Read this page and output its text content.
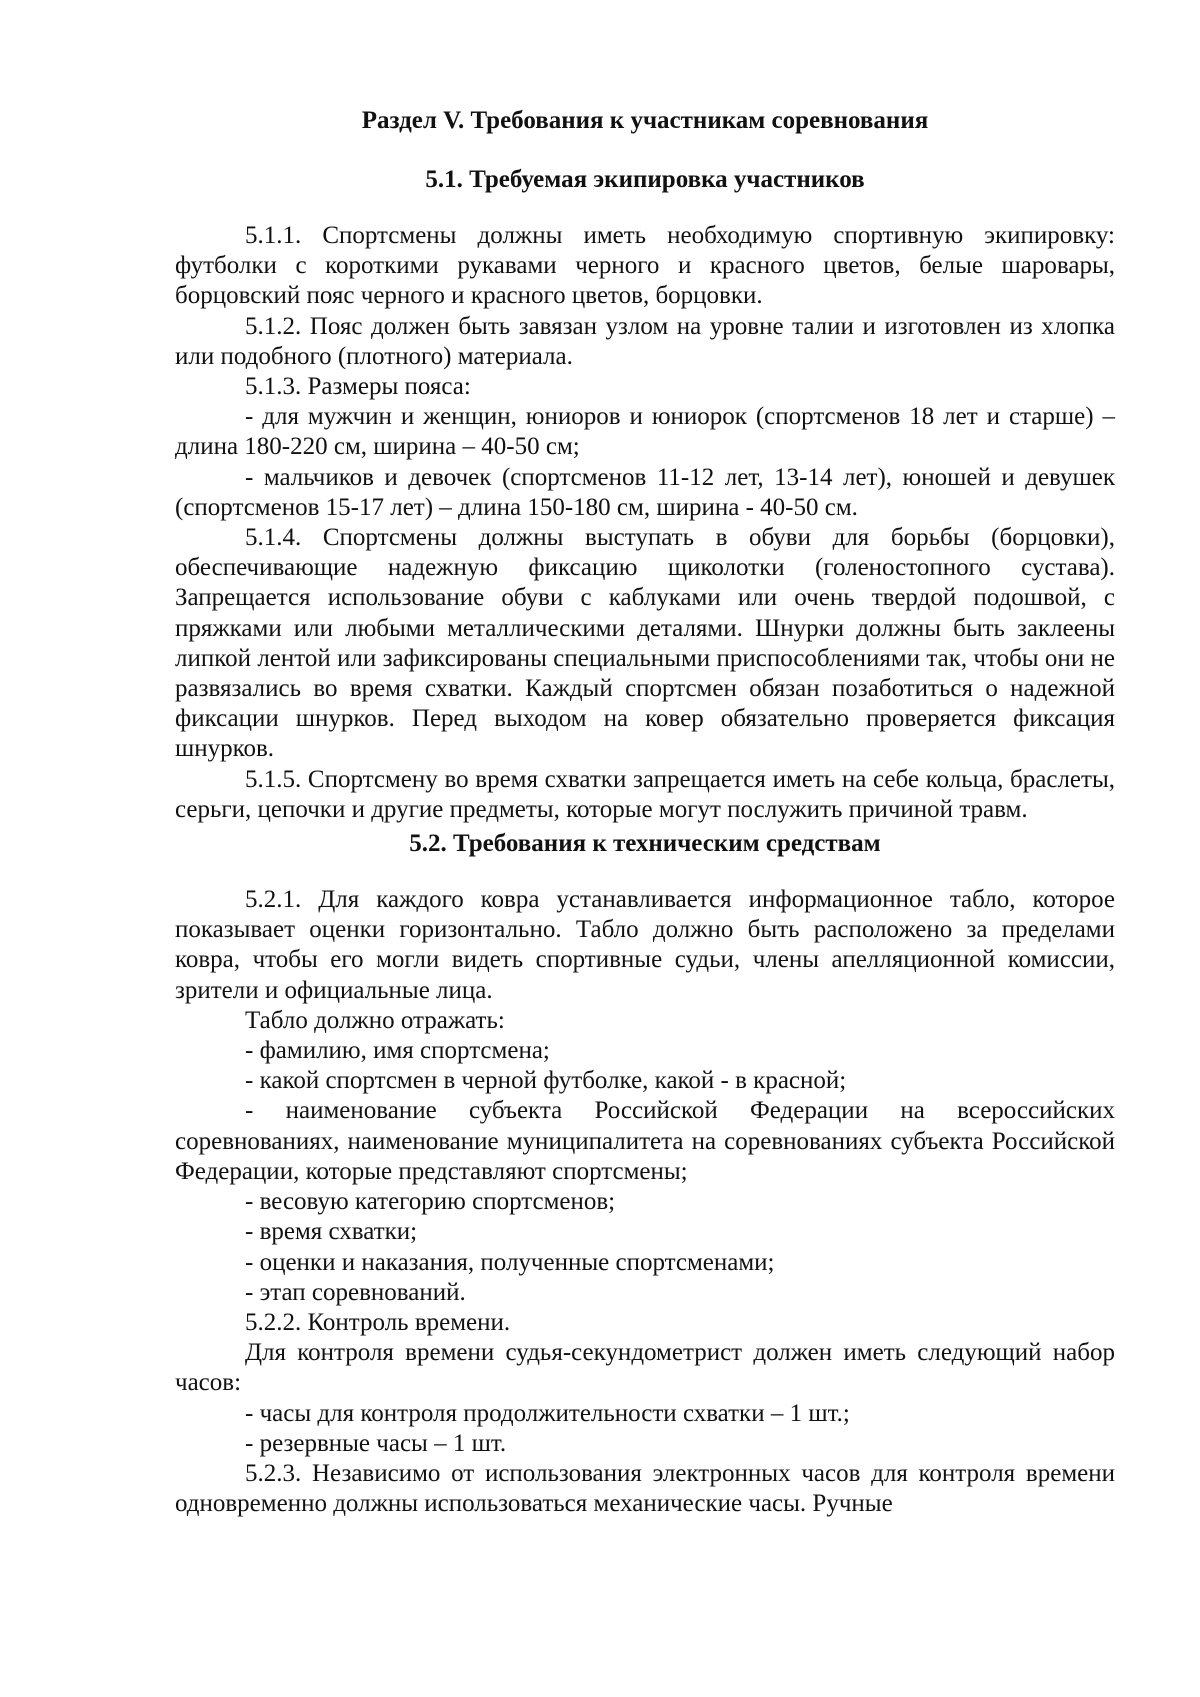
Раздел V. Требования к участникам соревнования
5.1. Требуемая экипировка участников

5.1.1. Спортсмены должны иметь необходимую спортивную экипировку: футболки с короткими рукавами черного и красного цветов, белые шаровары, борцовский пояс черного и красного цветов, борцовки.

5.1.2. Пояс должен быть завязан узлом на уровне талии и изготовлен из хлопка или подобного (плотного) материала.

5.1.3. Размеры пояса:

- для мужчин и женщин, юниоров и юниорок (спортсменов 18 лет и старше) – длина 180-220 см, ширина – 40-50 см;

- мальчиков и девочек (спортсменов 11-12 лет, 13-14 лет), юношей и девушек (спортсменов 15-17 лет) – длина 150-180 см, ширина - 40-50 см.

5.1.4. Спортсмены должны выступать в обуви для борьбы (борцовки), обеспечивающие надежную фиксацию щиколотки (голеностопного сустава). Запрещается использование обуви с каблуками или очень твердой подошвой, с пряжками или любыми металлическими деталями. Шнурки должны быть заклеены липкой лентой или зафиксированы специальными приспособлениями так, чтобы они не развязались во время схватки. Каждый спортсмен обязан позаботиться о надежной фиксации шнурков. Перед выходом на ковер обязательно проверяется фиксация шнурков.

5.1.5. Спортсмену во время схватки запрещается иметь на себе кольца, браслеты, серьги, цепочки и другие предметы, которые могут послужить причиной травм.

5.2. Требования к техническим средствам

5.2.1. Для каждого ковра устанавливается информационное табло, которое показывает оценки горизонтально. Табло должно быть расположено за пределами ковра, чтобы его могли видеть спортивные судьи, члены апелляционной комиссии, зрители и официальные лица.

Табло должно отражать:

- фамилию, имя спортсмена;

- какой спортсмен в черной футболке, какой - в красной;

- наименование субъекта Российской Федерации на всероссийских соревнованиях, наименование муниципалитета на соревнованиях субъекта Российской Федерации, которые представляют спортсмены;

- весовую категорию спортсменов;

- время схватки;

- оценки и наказания, полученные спортсменами;

- этап соревнований.

5.2.2. Контроль времени.

Для контроля времени судья-секундометрист должен иметь следующий набор часов:

- часы для контроля продолжительности схватки – 1 шт.;

- резервные часы – 1 шт.

5.2.3. Независимо от использования электронных часов для контроля времени одновременно должны использоваться механические часы. Ручные
